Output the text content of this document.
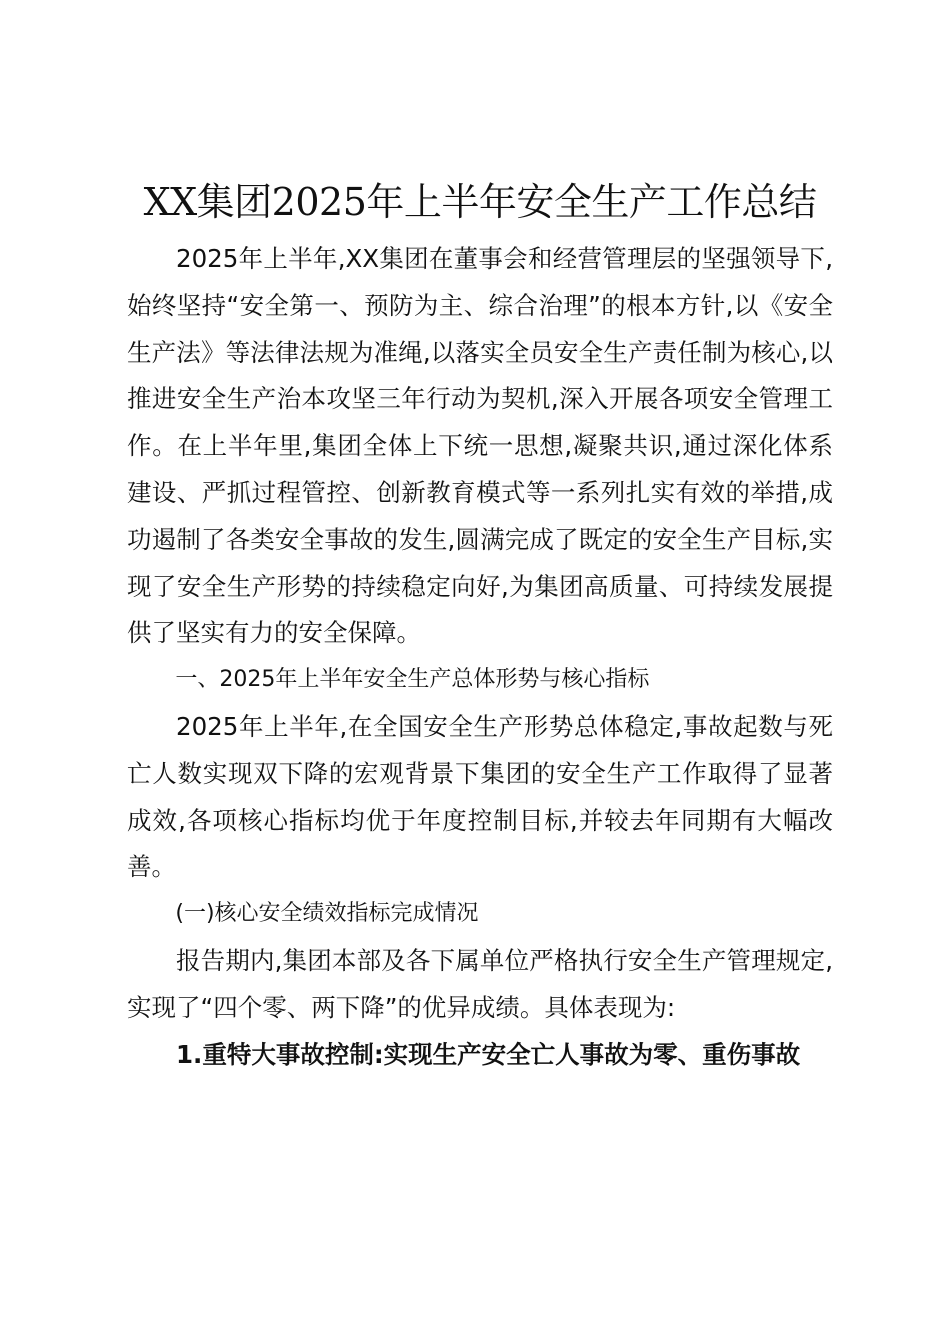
XX集团2025年上半年安全生产工作总结

2025年上半年,XX集团在董事会和经营管理层的坚强领导下,始终坚持“安全第一、预防为主、综合治理”的根本方针,以《安全生产法》等法律法规为准绳,以落实全员安全生产责任制为核心,以推进安全生产治本攻坚三年行动为契机,深入开展各项安全管理工作。在上半年里,集团全体上下统一思想,凝聚共识,通过深化体系建设、严抓过程管控、创新教育模式等一系列扎实有效的举措,成功遏制了各类安全事故的发生,圆满完成了既定的安全生产目标,实现了安全生产形势的持续稳定向好,为集团高质量、可持续发展提供了坚实有力的安全保障。

一、2025年上半年安全生产总体形势与核心指标

2025年上半年,在全国安全生产形势总体稳定,事故起数与死亡人数实现双下降的宏观背景下集团的安全生产工作取得了显著成效,各项核心指标均优于年度控制目标,并较去年同期有大幅改善。

(一)核心安全绩效指标完成情况

报告期内,集团本部及各下属单位严格执行安全生产管理规定,实现了“四个零、两下降”的优异成绩。具体表现为:

1.重特大事故控制:实现生产安全亡人事故为零、重伤事故
